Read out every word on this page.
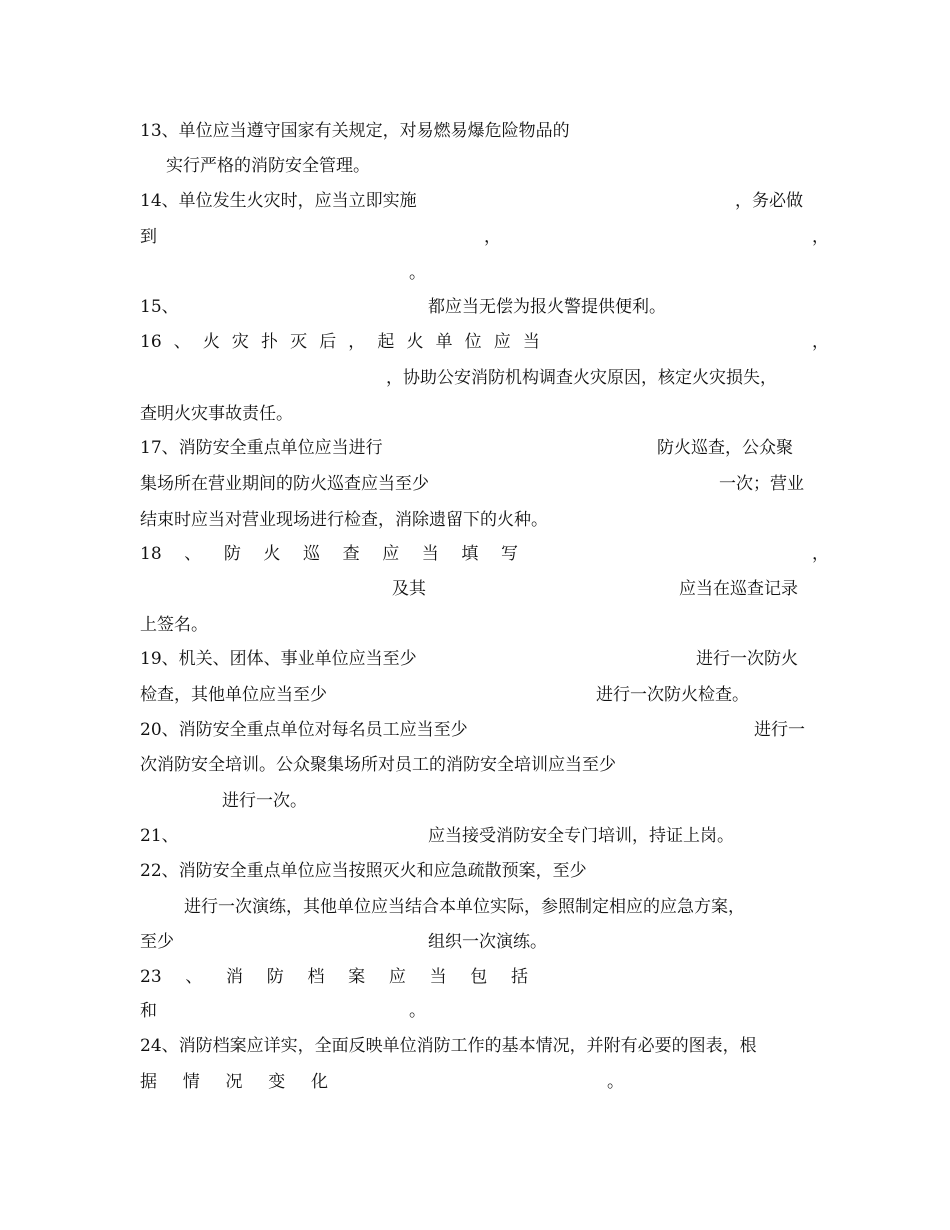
13、单位应当遵守国家有关规定，对易燃易爆危险物品的
实行严格的消防安全管理。
14、单位发生火灾时，应当立即实施	，务必做
到	，	，
。
15、	都应当无偿为报火警提供便利。
16 、 火 灾 扑 灭 后 ， 起 火 单 位 应 当	，
，协助公安消防机构调查火灾原因，核定火灾损失，
查明火灾事故责任。
17、消防安全重点单位应当进行	防火巡查，公众聚
集场所在营业期间的防火巡查应当至少	一次；营业
结束时应当对营业现场进行检查，消除遗留下的火种。
18 、 防 火 巡 查 应 当 填 写	，
及其	应当在巡查记录
上签名。
19、机关、团体、事业单位应当至少	进行一次防火
检查，其他单位应当至少	进行一次防火检查。
20、消防安全重点单位对每名员工应当至少	进行一
次消防安全培训。公众聚集场所对员工的消防安全培训应当至少
进行一次。
21、	应当接受消防安全专门培训，持证上岗。
22、消防安全重点单位应当按照灭火和应急疏散预案，至少
进行一次演练，其他单位应当结合本单位实际，参照制定相应的应急方案，
至少	组织一次演练。
23 、 消 防 档 案 应 当 包 括
和	。
24、消防档案应详实，全面反映单位消防工作的基本情况，并附有必要的图表，根
据 情 况 变 化	。
